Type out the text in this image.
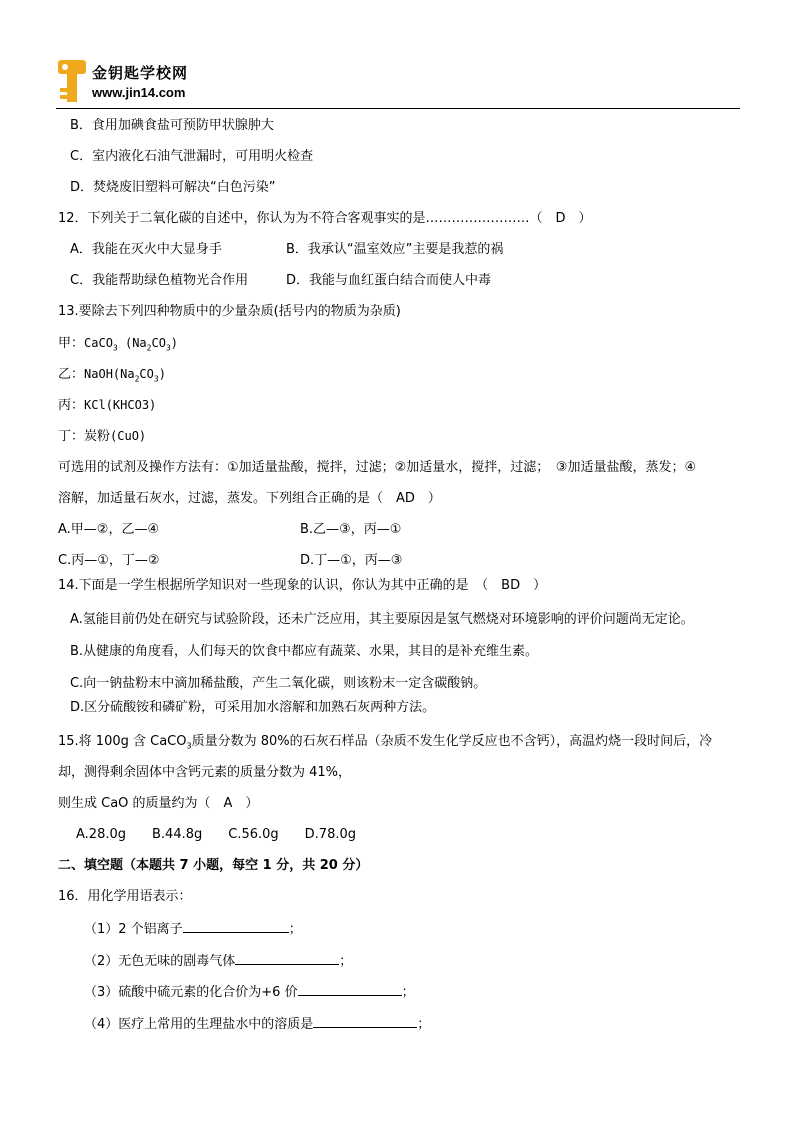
金钥匙学校网
www.jin14.com
B．食用加碘食盐可预防甲状腺肿大
C．室内液化石油气泄漏时，可用明火检查
D．焚烧废旧塑料可解决“白色污染”
12．下列关于二氧化碳的自述中，你认为为不符合客观事实的是……………………（　D　）
A．我能在灭火中大显身手	B．我承认“温室效应”主要是我惹的祸
C．我能帮助绿色植物光合作用	D．我能与血红蛋白结合而使人中毒
13.要除去下列四种物质中的少量杂质(括号内的物质为杂质)
甲：CaCO$_3$ $(Na_2CO_3)$
乙：$NaOH(Na_2CO_3)$
丙：KCl(KHCO3)
丁：炭粉(CuO)
可选用的试剂及操作方法有：①加适量盐酸，搅拌，过滤；②加适量水，搅拌，过滤；　③加适量盐酸，蒸发；④
溶解，加适量石灰水，过滤，蒸发。下列组合正确的是（　AD　）
A.甲—②，乙—④	B.乙—③，丙—①
C.丙—①，丁—②	D.丁—①，丙—③
14.下面是一学生根据所学知识对一些现象的认识，你认为其中正确的是　（　BD　）
A.氢能目前仍处在研究与试验阶段，还未广泛应用，其主要原因是氢气燃烧对环境影响的评价问题尚无定论。
B.从健康的角度看，人们每天的饮食中都应有蔬菜、水果，其目的是补充维生素。
C.向一钠盐粉末中滴加稀盐酸，产生二氧化碳，则该粉末一定含碳酸钠。
D.区分硫酸铵和磷矿粉，可采用加水溶解和加熟石灰两种方法。
15.将 100g 含 CaCO$_3$质量分数为 80%的石灰石样品（杂质不发生化学反应也不含钙），高温灼烧一段时间后，冷
却，测得剩余固体中含钙元素的质量分数为 41%，
则生成 CaO 的质量约为（　A　）
A.28.0g　　B.44.8g　　C.56.0g　　D.78.0g
二、填空题（本题共 7 小题，每空 1 分，共 20 分）
16．用化学用语表示：
（1）2 个铝离子	；
（2）无色无味的剧毒气体	；
（3）硫酸中硫元素的化合价为+6 价	；
（4）医疗上常用的生理盐水中的溶质是	；
